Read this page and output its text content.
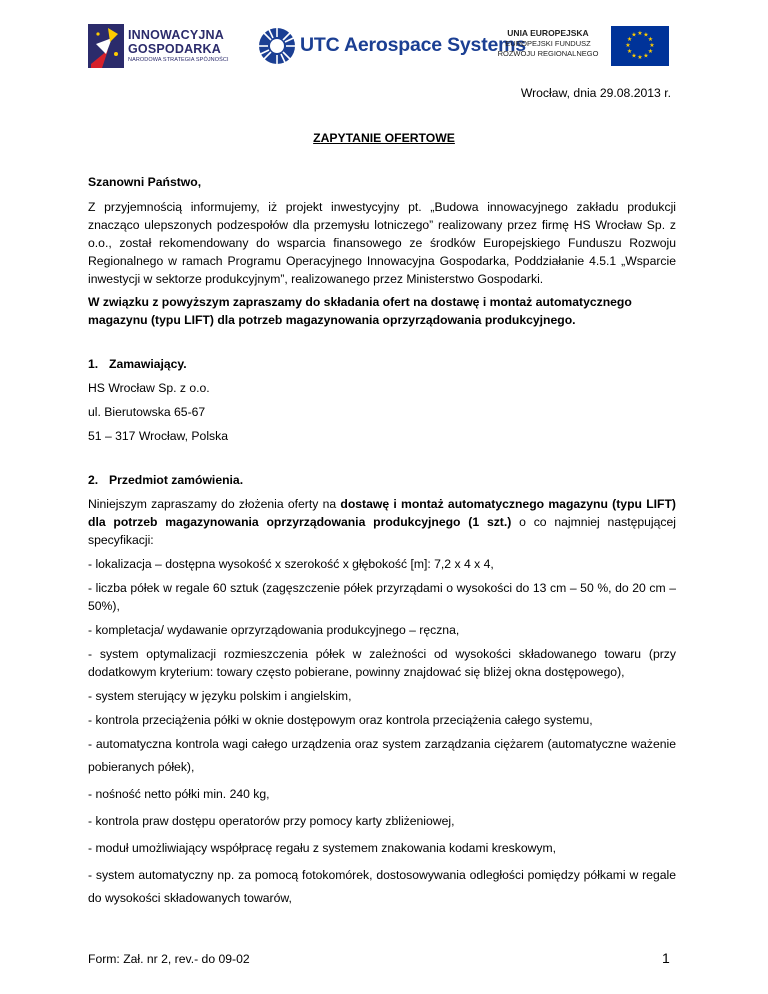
INNOWACYJNA
GOSPODARKA
NARODOWA STRATEGIA SPÓJNOŚCI
UTC Aerospace Systems
UNIA EUROPEJSKA
EUROPEJSKI FUNDUSZ
ROZWOJU REGIONALNEGO
★ ★
★
★
★
★
★
★
★
★
★
★
Wrocław, dnia 29.08.2013 r.
ZAPYTANIE OFERTOWE

Szanowni Państwo,

Z przyjemnością informujemy, iż projekt inwestycyjny pt. „Budowa innowacyjnego zakładu produkcji znacząco ulepszonych podzespołów dla przemysłu lotniczego” realizowany przez firmę HS Wrocław Sp. z o.o., został rekomendowany do wsparcia finansowego ze środków Europejskiego Funduszu Rozwoju Regionalnego w ramach Programu Operacyjnego Innowacyjna Gospodarka, Poddziałanie 4.5.1 „Wsparcie inwestycji w sektorze produkcyjnym”, realizowanego przez Ministerstwo Gospodarki.

W związku z powyższym zapraszamy do składania ofert na dostawę i montaż automatycznego magazynu (typu LIFT) dla potrzeb magazynowania oprzyrządowania produkcyjnego.

1. Zamawiający.

HS Wrocław Sp. z o.o.

ul. Bierutowska 65-67

51 – 317 Wrocław, Polska

2. Przedmiot zamówienia.

Niniejszym zapraszamy do złożenia oferty na dostawę i montaż automatycznego magazynu (typu LIFT) dla potrzeb magazynowania oprzyrządowania produkcyjnego (1 szt.) o co najmniej następującej specyfikacji:

- lokalizacja – dostępna wysokość x szerokość x głębokość [m]: 7,2 x 4 x 4,

- liczba półek w regale 60 sztuk (zagęszczenie półek przyrządami o wysokości do 13 cm – 50 %, do 20 cm – 50%),

- kompletacja/ wydawanie oprzyrządowania produkcyjnego – ręczna,

- system optymalizacji rozmieszczenia półek w zależności od wysokości składowanego towaru (przy dodatkowym kryterium: towary często pobierane, powinny znajdować się bliżej okna dostępowego),

- system sterujący w języku polskim i angielskim,

- kontrola przeciążenia półki w oknie dostępowym oraz kontrola przeciążenia całego systemu,

- automatyczna kontrola wagi całego urządzenia oraz system zarządzania ciężarem (automatyczne ważenie pobieranych półek),

- nośność netto półki min. 240 kg,

- kontrola praw dostępu operatorów przy pomocy karty zbliżeniowej,

- moduł umożliwiający współpracę regału z systemem znakowania kodami kreskowym,

- system automatyczny np. za pomocą fotokomórek, dostosowywania odległości pomiędzy półkami w regale do wysokości składowanych towarów,

Form: Zał. nr 2, rev.- do 09-02	1
